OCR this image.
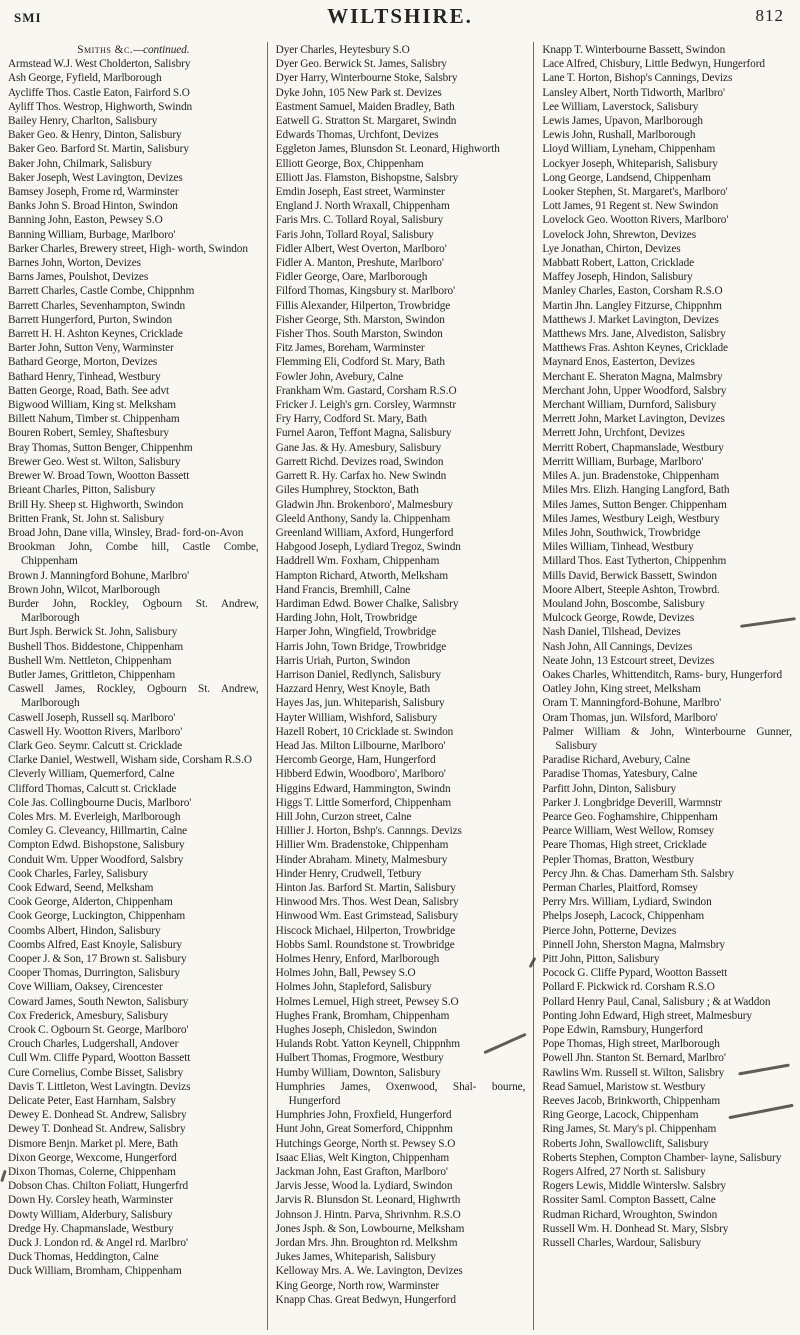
SMI	WILTSHIRE.	812

Smiths &c.—continued.

Armstead W.J. West Cholderton, Salisbry

Ash George, Fyfield, Marlborough

Aycliffe Thos. Castle Eaton, Fairford S.O

Ayliff Thos. Westrop, Highworth, Swindn

Bailey Henry, Charlton, Salisbury

Baker Geo. & Henry, Dinton, Salisbury

Baker Geo. Barford St. Martin, Salisbury

Baker John, Chilmark, Salisbury

Baker Joseph, West Lavington, Devizes

Bamsey Joseph, Frome rd, Warminster

Banks John S. Broad Hinton, Swindon

Banning John, Easton, Pewsey S.O

Banning William, Burbage, Marlboro'

Barker Charles, Brewery street, High- worth, Swindon

Barnes John, Worton, Devizes

Barns James, Poulshot, Devizes

Barrett Charles, Castle Combe, Chippnhm

Barrett Charles, Sevenhampton, Swindn

Barrett Hungerford, Purton, Swindon

Barrett H. H. Ashton Keynes, Cricklade

Barter John, Sutton Veny, Warminster

Bathard George, Morton, Devizes

Bathard Henry, Tinhead, Westbury

Batten George, Road, Bath. See advt

Bigwood William, King st. Melksham

Billett Nahum, Timber st. Chippenham

Bouren Robert, Semley, Shaftesbury

Bray Thomas, Sutton Benger, Chippenhm

Brewer Geo. West st. Wilton, Salisbury

Brewer W. Broad Town, Wootton Bassett

Brieant Charles, Pitton, Salisbury

Brill Hy. Sheep st. Highworth, Swindon

Britten Frank, St. John st. Salisbury

Broad John, Dane villa, Winsley, Brad- ford-on-Avon

Brookman John, Combe hill, Castle Combe, Chippenham

Brown J. Manningford Bohune, Marlbro'

Brown John, Wilcot, Marlborough

Burder John, Rockley, Ogbourn St. Andrew, Marlborough

Burt Jsph. Berwick St. John, Salisbury

Bushell Thos. Biddestone, Chippenham

Bushell Wm. Nettleton, Chippenham

Butler James, Grittleton, Chippenham

Caswell James, Rockley, Ogbourn St. Andrew, Marlborough

Caswell Joseph, Russell sq. Marlboro'

Caswell Hy. Wootton Rivers, Marlboro'

Clark Geo. Seymr. Calcutt st. Cricklade

Clarke Daniel, Westwell, Wisham side, Corsham R.S.O

Cleverly William, Quemerford, Calne

Clifford Thomas, Calcutt st. Cricklade

Cole Jas. Collingbourne Ducis, Marlboro'

Coles Mrs. M. Everleigh, Marlborough

Comley G. Cleveancy, Hillmartin, Calne

Compton Edwd. Bishopstone, Salisbury

Conduit Wm. Upper Woodford, Salsbry

Cook Charles, Farley, Salisbury

Cook Edward, Seend, Melksham

Cook George, Alderton, Chippenham

Cook George, Luckington, Chippenham

Coombs Albert, Hindon, Salisbury

Coombs Alfred, East Knoyle, Salisbury

Cooper J. & Son, 17 Brown st. Salisbury

Cooper Thomas, Durrington, Salisbury

Cove William, Oaksey, Cirencester

Coward James, South Newton, Salisbury

Cox Frederick, Amesbury, Salisbury

Crook C. Ogbourn St. George, Marlboro'

Crouch Charles, Ludgershall, Andover

Cull Wm. Cliffe Pypard, Wootton Bassett

Cure Cornelius, Combe Bisset, Salisbry

Davis T. Littleton, West Lavingtn. Devizs

Delicate Peter, East Harnham, Salsbry

Dewey E. Donhead St. Andrew, Salisbry

Dewey T. Donhead St. Andrew, Salisbry

Dismore Benjn. Market pl. Mere, Bath

Dixon George, Wexcome, Hungerford

Dixon Thomas, Colerne, Chippenham

Dobson Chas. Chilton Foliatt, Hungerfrd

Down Hy. Corsley heath, Warminster

Dowty William, Alderbury, Salisbury

Dredge Hy. Chapmanslade, Westbury

Duck J. London rd. & Angel rd. Marlbro'

Duck Thomas, Heddington, Calne

Duck William, Bromham, Chippenham

Dyer Charles, Heytesbury S.O

Dyer Geo. Berwick St. James, Salisbry

Dyer Harry, Winterbourne Stoke, Salsbry

Dyke John, 105 New Park st. Devizes

Eastment Samuel, Maiden Bradley, Bath

Eatwell G. Stratton St. Margaret, Swindn

Edwards Thomas, Urchfont, Devizes

Eggleton James, Blunsdon St. Leonard, Highworth

Elliott George, Box, Chippenham

Elliott Jas. Flamston, Bishopstne, Salsbry

Emdin Joseph, East street, Warminster

England J. North Wraxall, Chippenham

Faris Mrs. C. Tollard Royal, Salisbury

Faris John, Tollard Royal, Salisbury

Fidler Albert, West Overton, Marlboro'

Fidler A. Manton, Preshute, Marlboro'

Fidler George, Oare, Marlborough

Filford Thomas, Kingsbury st. Marlboro'

Fillis Alexander, Hilperton, Trowbridge

Fisher George, Sth. Marston, Swindon

Fisher Thos. South Marston, Swindon

Fitz James, Boreham, Warminster

Flemming Eli, Codford St. Mary, Bath

Fowler John, Avebury, Calne

Frankham Wm. Gastard, Corsham R.S.O

Fricker J. Leigh's grn. Corsley, Warmnstr

Fry Harry, Codford St. Mary, Bath

Furnel Aaron, Teffont Magna, Salisbury

Gane Jas. & Hy. Amesbury, Salisbury

Garrett Richd. Devizes road, Swindon

Garrett R. Hy. Carfax ho. New Swindn

Giles Humphrey, Stockton, Bath

Gladwin Jhn. Brokenboro', Malmesbury

Gleeld Anthony, Sandy la. Chippenham

Greenland William, Axford, Hungerford

Habgood Joseph, Lydiard Tregoz, Swindn

Haddrell Wm. Foxham, Chippenham

Hampton Richard, Atworth, Melksham

Hand Francis, Bremhill, Calne

Hardiman Edwd. Bower Chalke, Salisbry

Harding John, Holt, Trowbridge

Harper John, Wingfield, Trowbridge

Harris John, Town Bridge, Trowbridge

Harris Uriah, Purton, Swindon

Harrison Daniel, Redlynch, Salisbury

Hazzard Henry, West Knoyle, Bath

Hayes Jas, jun. Whiteparish, Salisbury

Hayter William, Wishford, Salisbury

Hazell Robert, 10 Cricklade st. Swindon

Head Jas. Milton Lilbourne, Marlboro'

Hercomb George, Ham, Hungerford

Hibberd Edwin, Woodboro', Marlboro'

Higgins Edward, Hammington, Swindn

Higgs T. Little Somerford, Chippenham

Hill John, Curzon street, Calne

Hillier J. Horton, Bshp's. Cannngs. Devizs

Hillier Wm. Bradenstoke, Chippenham

Hinder Abraham. Minety, Malmesbury

Hinder Henry, Crudwell, Tetbury

Hinton Jas. Barford St. Martin, Salisbury

Hinwood Mrs. Thos. West Dean, Salisbry

Hinwood Wm. East Grimstead, Salisbury

Hiscock Michael, Hilperton, Trowbridge

Hobbs Saml. Roundstone st. Trowbridge

Holmes Henry, Enford, Marlborough

Holmes John, Ball, Pewsey S.O

Holmes John, Stapleford, Salisbury

Holmes Lemuel, High street, Pewsey S.O

Hughes Frank, Bromham, Chippenham

Hughes Joseph, Chisledon, Swindon

Hulands Robt. Yatton Keynell, Chippnhm

Hulbert Thomas, Frogmore, Westbury

Humby William, Downton, Salisbury

Humphries James, Oxenwood, Shal- bourne, Hungerford

Humphries John, Froxfield, Hungerford

Hunt John, Great Somerford, Chippnhm

Hutchings George, North st. Pewsey S.O

Isaac Elias, Welt Kington, Chippenham

Jackman John, East Grafton, Marlboro'

Jarvis Jesse, Wood la. Lydiard, Swindon

Jarvis R. Blunsdon St. Leonard, Highwrth

Johnson J. Hintn. Parva, Shrivnhm. R.S.O

Jones Jsph. & Son, Lowbourne, Melksham

Jordan Mrs. Jhn. Broughton rd. Melkshm

Jukes James, Whiteparish, Salisbury

Kelloway Mrs. A. We. Lavington, Devizes

King George, North row, Warminster

Knapp Chas. Great Bedwyn, Hungerford

Knapp T. Winterbourne Bassett, Swindon

Lace Alfred, Chisbury, Little Bedwyn, Hungerford

Lane T. Horton, Bishop's Cannings, Devizs

Lansley Albert, North Tidworth, Marlbro'

Lee William, Laverstock, Salisbury

Lewis James, Upavon, Marlborough

Lewis John, Rushall, Marlborough

Lloyd William, Lyneham, Chippenham

Lockyer Joseph, Whiteparish, Salisbury

Long George, Landsend, Chippenham

Looker Stephen, St. Margaret's, Marlboro'

Lott James, 91 Regent st. New Swindon

Lovelock Geo. Wootton Rivers, Marlboro'

Lovelock John, Shrewton, Devizes

Lye Jonathan, Chirton, Devizes

Mabbatt Robert, Latton, Cricklade

Maffey Joseph, Hindon, Salisbury

Manley Charles, Easton, Corsham R.S.O

Martin Jhn. Langley Fitzurse, Chippnhm

Matthews J. Market Lavington, Devizes

Matthews Mrs. Jane, Alvediston, Salisbry

Matthews Fras. Ashton Keynes, Cricklade

Maynard Enos, Easterton, Devizes

Merchant E. Sheraton Magna, Malmsbry

Merchant John, Upper Woodford, Salsbry

Merchant William, Durnford, Salisbury

Merrett John, Market Lavington, Devizes

Merrett John, Urchfont, Devizes

Merritt Robert, Chapmanslade, Westbury

Merritt William, Burbage, Marlboro'

Miles A. jun. Bradenstoke, Chippenham

Miles Mrs. Elizh. Hanging Langford, Bath

Miles James, Sutton Benger. Chippenham

Miles James, Westbury Leigh, Westbury

Miles John, Southwick, Trowbridge

Miles William, Tinhead, Westbury

Millard Thos. East Tytherton, Chippenhm

Mills David, Berwick Bassett, Swindon

Moore Albert, Steeple Ashton, Trowbrd.

Mouland John, Boscombe, Salisbury

Mulcock George, Rowde, Devizes

Nash Daniel, Tilshead, Devizes

Nash John, All Cannings, Devizes

Neate John, 13 Estcourt street, Devizes

Oakes Charles, Whittenditch, Rams- bury, Hungerford

Oatley John, King street, Melksham

Oram T. Manningford-Bohune, Marlbro'

Oram Thomas, jun. Wilsford, Marlboro'

Palmer William & John, Winterbourne Gunner, Salisbury

Paradise Richard, Avebury, Calne

Paradise Thomas, Yatesbury, Calne

Parfitt John, Dinton, Salisbury

Parker J. Longbridge Deverill, Warmnstr

Pearce Geo. Foghamshire, Chippenham

Pearce William, West Wellow, Romsey

Peare Thomas, High street, Cricklade

Pepler Thomas, Bratton, Westbury

Percy Jhn. & Chas. Damerham Sth. Salsbry

Perman Charles, Plaitford, Romsey

Perry Mrs. William, Lydiard, Swindon

Phelps Joseph, Lacock, Chippenham

Pierce John, Potterne, Devizes

Pinnell John, Sherston Magna, Malmsbry

Pitt John, Pitton, Salisbury

Pocock G. Cliffe Pypard, Wootton Bassett

Pollard F. Pickwick rd. Corsham R.S.O

Pollard Henry Paul, Canal, Salisbury ; & at Waddon

Ponting John Edward, High street, Malmesbury

Pope Edwin, Ramsbury, Hungerford

Pope Thomas, High street, Marlborough

Powell Jhn. Stanton St. Bernard, Marlbro'

Rawlins Wm. Russell st. Wilton, Salisbry

Read Samuel, Maristow st. Westbury

Reeves Jacob, Brinkworth, Chippenham

Ring George, Lacock, Chippenham

Ring James, St. Mary's pl. Chippenham

Roberts John, Swallowclift, Salisbury

Roberts Stephen, Compton Chamber- layne, Salisbury

Rogers Alfred, 27 North st. Salisbury

Rogers Lewis, Middle Winterslw. Salsbry

Rossiter Saml. Compton Bassett, Calne

Rudman Richard, Wroughton, Swindon

Russell Wm. H. Donhead St. Mary, Slsbry

Russell Charles, Wardour, Salisbury
